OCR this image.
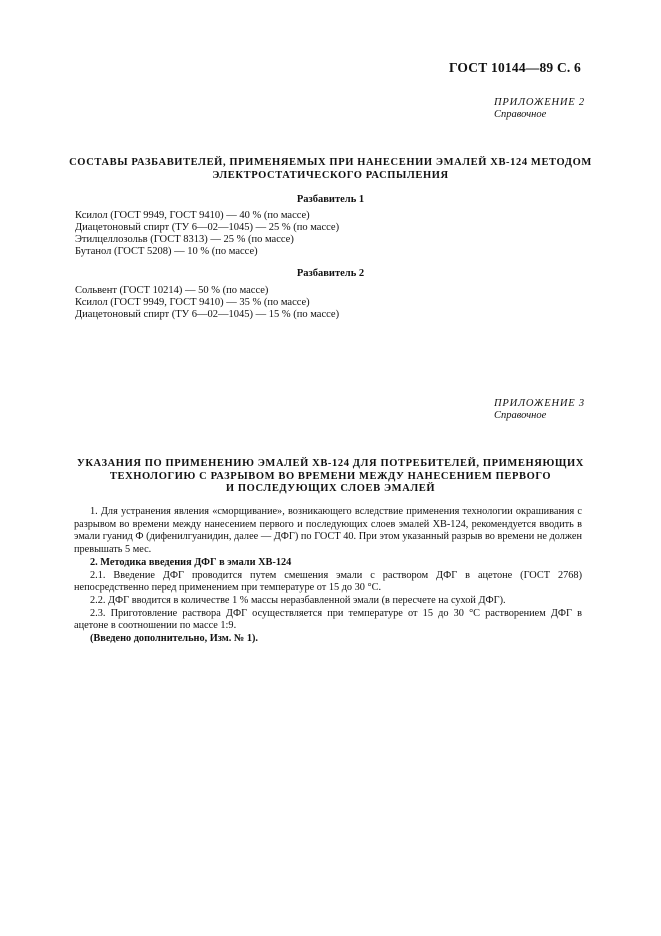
ГОСТ 10144—89 С. 6
ПРИЛОЖЕНИЕ 2
Справочное
СОСТАВЫ РАЗБАВИТЕЛЕЙ, ПРИМЕНЯЕМЫХ ПРИ НАНЕСЕНИИ ЭМАЛЕЙ ХВ-124 МЕТОДОМ
ЭЛЕКТРОСТАТИЧЕСКОГО РАСПЫЛЕНИЯ
Разбавитель 1
Ксилол (ГОСТ 9949, ГОСТ 9410) — 40 % (по массе)
Диацетоновый спирт (ТУ 6—02—1045) — 25 % (по массе)
Этилцеллозольв (ГОСТ 8313) — 25 % (по массе)
Бутанол (ГОСТ 5208) — 10 % (по массе)
Разбавитель 2
Сольвент (ГОСТ 10214) — 50 % (по массе)
Ксилол (ГОСТ 9949, ГОСТ 9410) — 35 % (по массе)
Диацетоновый спирт (ТУ 6—02—1045) — 15 % (по массе)
ПРИЛОЖЕНИЕ 3
Справочное
УКАЗАНИЯ ПО ПРИМЕНЕНИЮ ЭМАЛЕЙ ХВ-124 ДЛЯ ПОТРЕБИТЕЛЕЙ, ПРИМЕНЯЮЩИХ
ТЕХНОЛОГИЮ С РАЗРЫВОМ ВО ВРЕМЕНИ МЕЖДУ НАНЕСЕНИЕМ ПЕРВОГО
И ПОСЛЕДУЮЩИХ СЛОЕВ ЭМАЛЕЙ
1. Для устранения явления «сморщивание», возникающего вследствие применения технологии окрашивания с разрывом во времени между нанесением первого и последующих слоев эмалей ХВ-124, рекомендуется вводить в эмали гуанид Ф (дифенилгуанидин, далее — ДФГ) по ГОСТ 40. При этом указанный разрыв во времени не должен превышать 5 мес.
2. Методика введения ДФГ в эмали ХВ-124
2.1. Введение ДФГ проводится путем смешения эмали с раствором ДФГ в ацетоне (ГОСТ 2768) непосредственно перед применением при температуре от 15 до 30 °С.
2.2. ДФГ вводится в количестве 1 % массы неразбавленной эмали (в пересчете на сухой ДФГ).
2.3. Приготовление раствора ДФГ осуществляется при температуре от 15 до 30 °С растворением ДФГ в ацетоне в соотношении по массе 1:9.
(Введено дополнительно, Изм. № 1).
